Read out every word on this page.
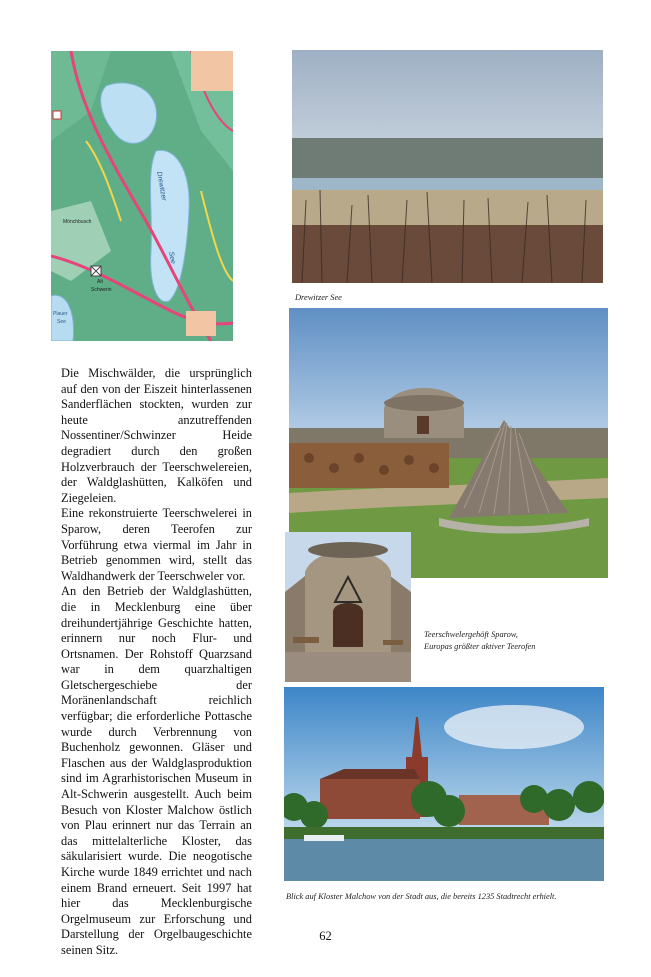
Drewitzer
See
Mönchbusch
Alt
Schwerin
Plauer
See
Drewitzer See
Teerschwelergehöft Sparow,
Europas größter aktiver Teerofen
Blick auf Kloster Malchow von der Stadt aus, die bereits 1235 Stadtrecht erhielt.

Die Mischwälder, die ursprünglich auf den von der Eiszeit hinterlassenen Sanderflächen stockten, wurden zur heute anzutreffenden Nossentiner/Schwinzer Heide degradiert durch den großen Holzverbrauch der Teerschwelereien, der Waldglashütten, Kalköfen und Ziegeleien.

Eine rekonstruierte Teerschwelerei in Sparow, deren Teerofen zur Vorführung etwa viermal im Jahr in Betrieb genommen wird, stellt das Waldhandwerk der Teerschweler vor.

An den Betrieb der Waldglashütten, die in Mecklenburg eine über dreihundertjährige Geschichte hatten, erinnern nur noch Flur- und Ortsnamen. Der Rohstoff Quarzsand war in dem quarzhaltigen Gletschergeschiebe der Moränenlandschaft reichlich verfügbar; die erforderliche Pottasche wurde durch Verbrennung von Buchenholz gewonnen. Gläser und Flaschen aus der Waldglasproduktion sind im Agrarhistorischen Museum in Alt-Schwerin ausgestellt. Auch beim Besuch von Kloster Malchow östlich von Plau erinnert nur das Terrain an das mittelalterliche Kloster, das säkularisiert wurde. Die neogotische Kirche wurde 1849 errichtet und nach einem Brand erneuert. Seit 1997 hat hier das Mecklenburgische Orgelmuseum zur Erforschung und Darstellung der Orgelbaugeschichte seinen Sitz.

62
